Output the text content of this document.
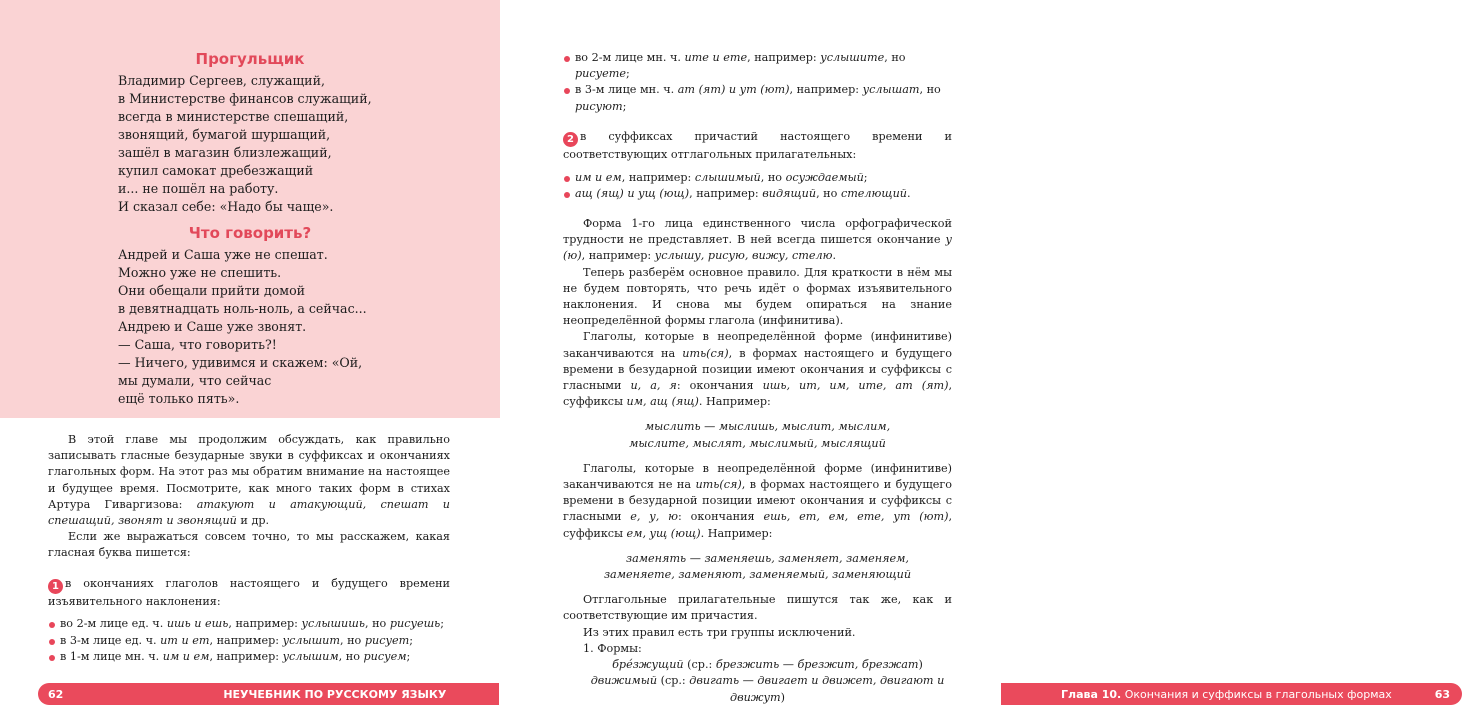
Прогульщик
Владимир Сергеев, служащий,
в Министерстве финансов служащий,
всегда в министерстве спешащий,
звонящий, бумагой шуршащий,
зашёл в магазин близлежащий,
купил самокат дребезжащий
и... не пошёл на работу.
И сказал себе: «Надо бы чаще».
Что говорить?
Андрей и Саша уже не спешат.
Можно уже не спешить.
Они обещали прийти домой
в девятнадцать ноль-ноль, а сейчас...
Андрею и Саше уже звонят.
— Саша, что говорить?!
— Ничего, удивимся и скажем: «Ой,
мы думали, что сейчас
ещё только пять».

В этой главе мы продолжим обсуждать, как правильно записывать гласные безударные звуки в суффиксах и окончаниях глагольных форм. На этот раз мы обратим внимание на настоящее и будущее время. Посмотрите, как много таких форм в стихах Артура Гиваргизова: атакуют и атакующий, спешат и спешащий, звонят и звонящий и др.

Если же выражаться совсем точно, то мы расскажем, какая гласная буква пишется:

1 в окончаниях глаголов настоящего и будущего времени изъявительного наклонения:

во 2-м лице ед. ч. ишь и ешь, например: услышишь, но рисуешь;
в 3-м лице ед. ч. ит и ет, например: услышит, но рисует;
в 1-м лице мн. ч. им и ем, например: услышим, но рисуем;
62	НЕУЧЕБНИК ПО РУССКОМУ ЯЗЫКУ
во 2-м лице мн. ч. ите и ете, например: услышите, но рисуете;
в 3-м лице мн. ч. ат (ят) и ут (ют), например: услышат, но рисуют;

2 в суффиксах причастий настоящего времени и соответствующих отглагольных прилагательных:

им и ем, например: слышимый, но осуждаемый;
ащ (ящ) и ущ (ющ), например: видящий, но стелющий.

Форма 1-го лица единственного числа орфографической трудности не представляет. В ней всегда пишется окончание у (ю), например: услышу, рисую, вижу, стелю.

Теперь разберём основное правило. Для краткости в нём мы не будем повторять, что речь идёт о формах изъявительного наклонения. И снова мы будем опираться на знание неопределённой формы глагола (инфинитива).

Глаголы, которые в неопределённой форме (инфинитиве) заканчиваются на ить(ся), в формах настоящего и будущего времени в безударной позиции имеют окончания и суффиксы с гласными и, а, я: окончания ишь, ит, им, ите, ат (ят), суффиксы им, ащ (ящ). Например:

мыслить — мыслишь, мыслит, мыслим,
мыслите, мыслят, мыслимый, мыслящий

Глаголы, которые в неопределённой форме (инфинитиве) заканчиваются не на ить(ся), в формах настоящего и будущего времени в безударной позиции имеют окончания и суффиксы с гласными е, у, ю: окончания ешь, ет, ем, ете, ут (ют), суффиксы ем, ущ (ющ). Например:

заменять — заменяешь, заменяет, заменяем,
заменяете, заменяют, заменяемый, заменяющий

Отглагольные прилагательные пишутся так же, как и соответствующие им причастия.

Из этих правил есть три группы исключений.

1. Формы:

брéзжущий (ср.: брезжить — брезжит, брезжат)

движимый (ср.: двигать — двигает и движет, двигают и движут)	Глава 10. Окончания и суффиксы в глагольных формах	63
